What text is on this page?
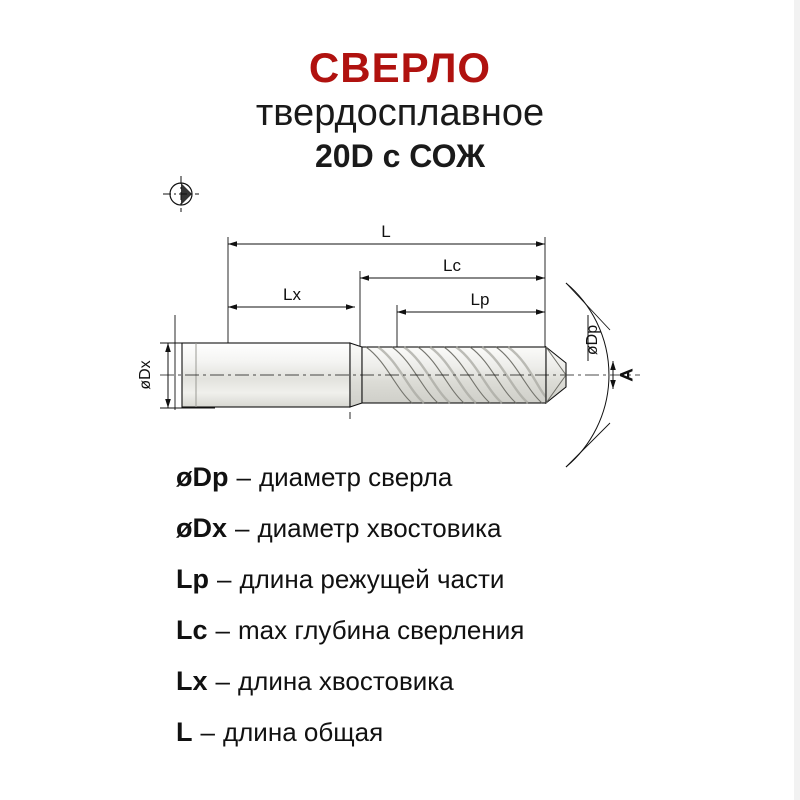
СВЕРЛО
твердосплавное
20D с СОЖ
L
Lc
Lx	Lp
øDx	A
øDp
øDp – диаметр сверла
øDx – диаметр хвостовика
Lp – длина режущей части
Lc – max глубина сверления
Lx – длина хвостовика
L – длина общая
